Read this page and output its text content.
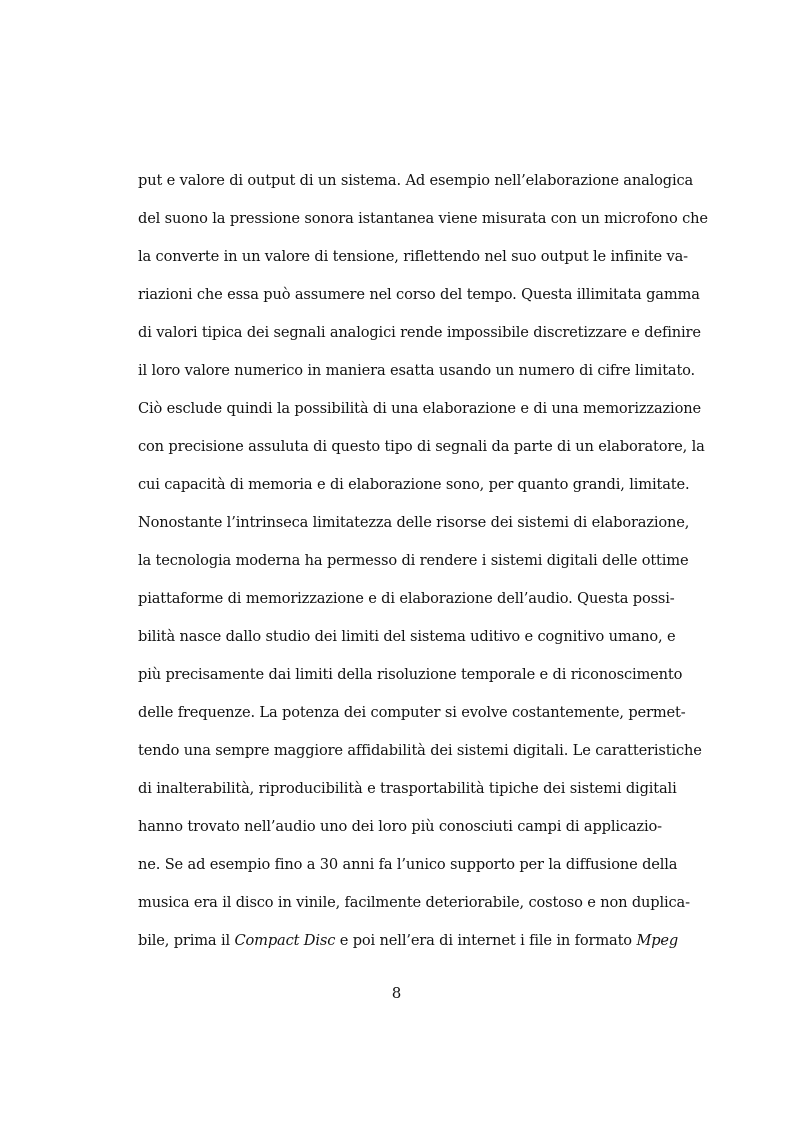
put e valore di output di un sistema. Ad esempio nell’elaborazione analogica
del suono la pressione sonora istantanea viene misurata con un microfono che
la converte in un valore di tensione, riflettendo nel suo output le infinite va-
riazioni che essa può assumere nel corso del tempo. Questa illimitata gamma
di valori tipica dei segnali analogici rende impossibile discretizzare e definire
il loro valore numerico in maniera esatta usando un numero di cifre limitato.
Ciò esclude quindi la possibilità di una elaborazione e di una memorizzazione
con precisione assuluta di questo tipo di segnali da parte di un elaboratore, la
cui capacità di memoria e di elaborazione sono, per quanto grandi, limitate.
Nonostante l’intrinseca limitatezza delle risorse dei sistemi di elaborazione,
la tecnologia moderna ha permesso di rendere i sistemi digitali delle ottime
piattaforme di memorizzazione e di elaborazione dell’audio. Questa possi-
bilità nasce dallo studio dei limiti del sistema uditivo e cognitivo umano, e
più precisamente dai limiti della risoluzione temporale e di riconoscimento
delle frequenze. La potenza dei computer si evolve costantemente, permet-
tendo una sempre maggiore affidabilità dei sistemi digitali. Le caratteristiche
di inalterabilità, riproducibilità e trasportabilità tipiche dei sistemi digitali
hanno trovato nell’audio uno dei loro più conosciuti campi di applicazio-
ne. Se ad esempio fino a 30 anni fa l’unico supporto per la diffusione della
musica era il disco in vinile, facilmente deteriorabile, costoso e non duplica-
bile, prima il Compact Disc e poi nell’era di internet i file in formato Mpeg
8
